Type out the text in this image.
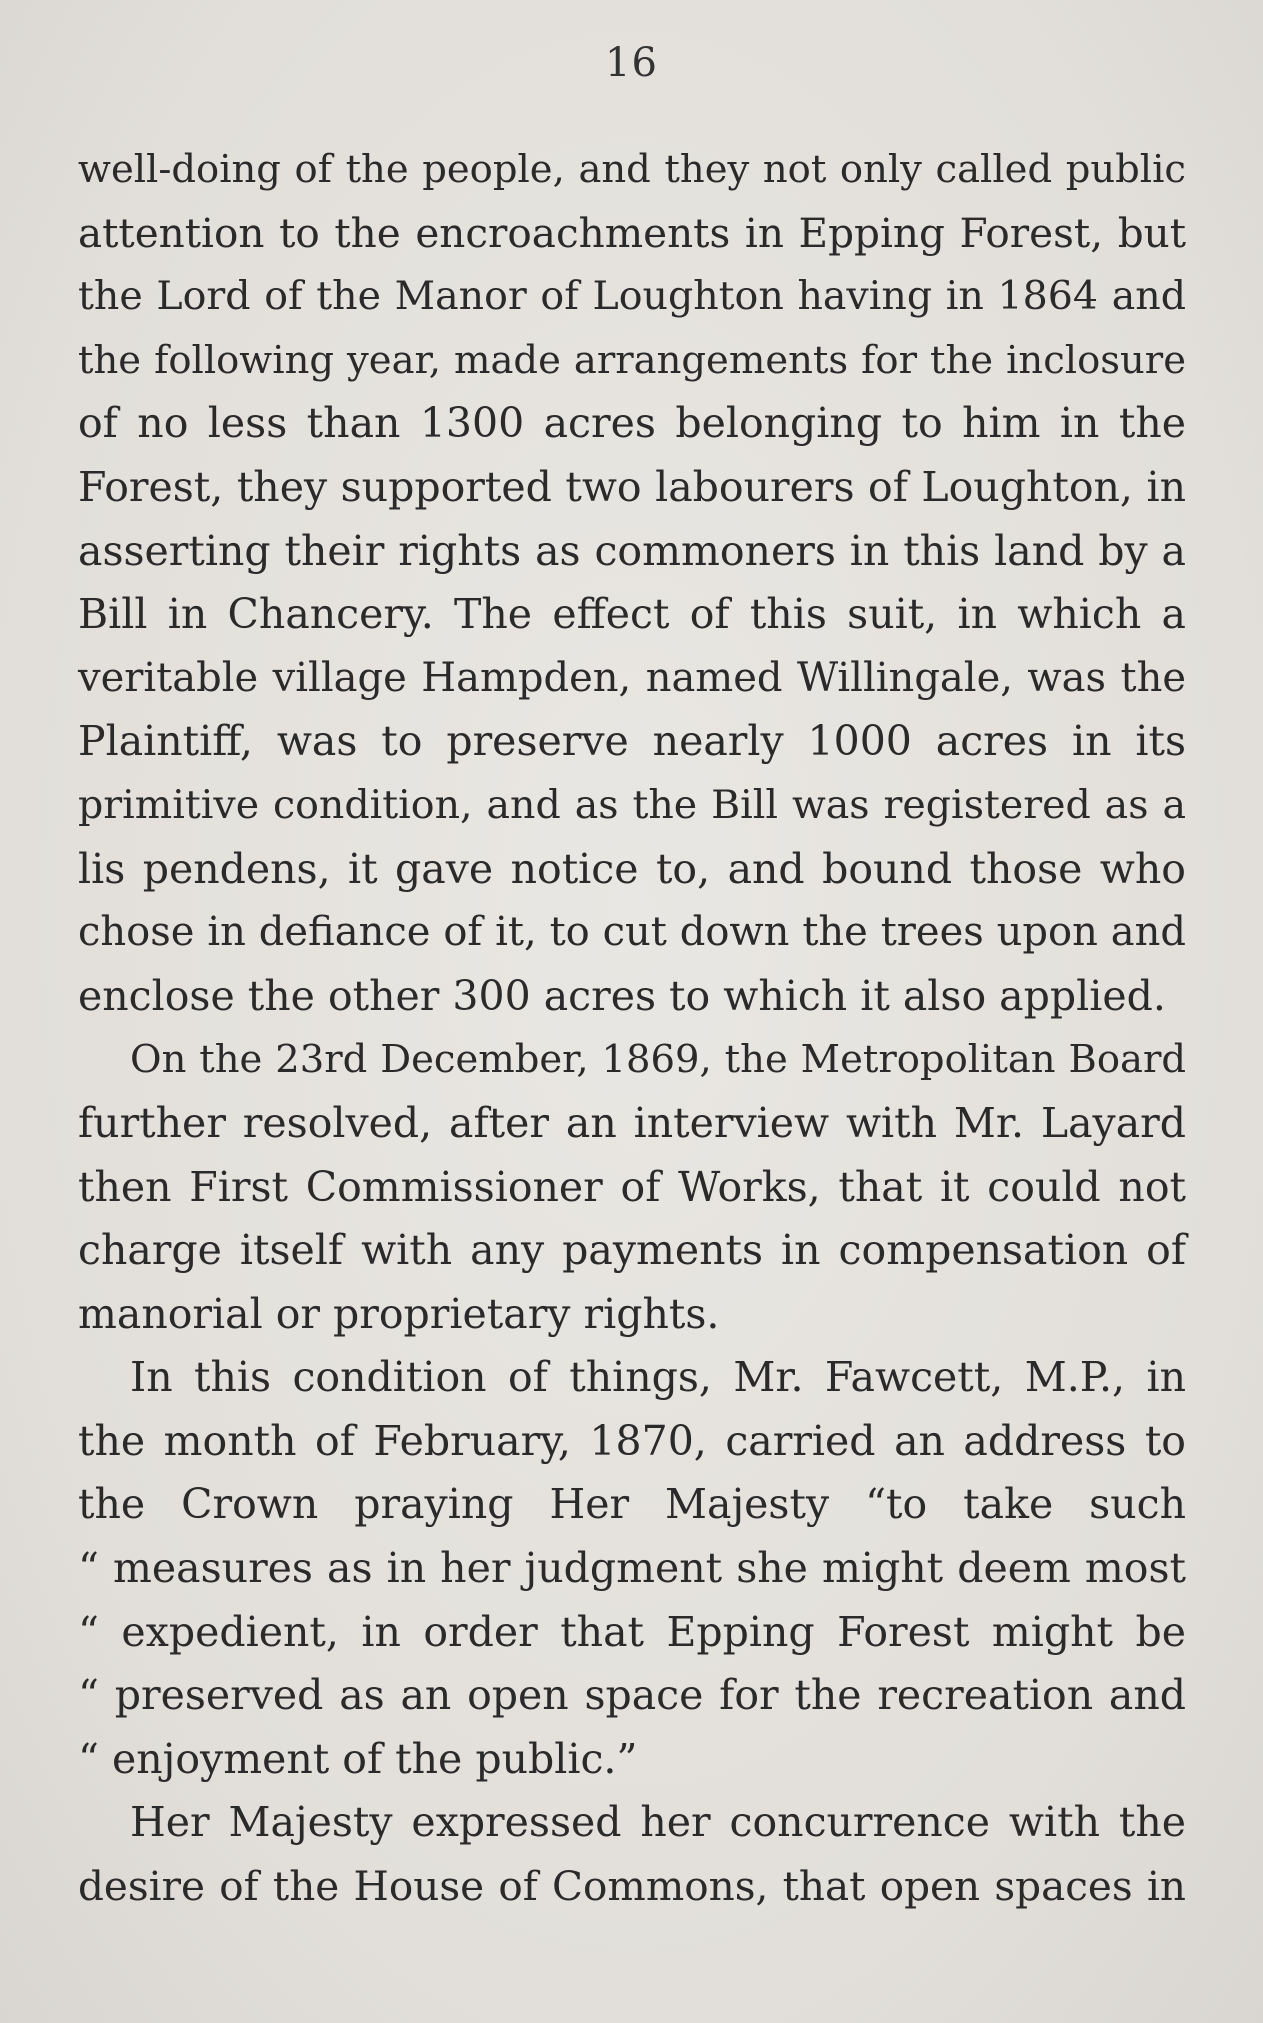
16
well-doing of the people, and they not only called public
attention to the encroachments in Epping Forest, but
the Lord of the Manor of Loughton having in 1864 and
the following year, made arrangements for the inclosure
of no less than 1300 acres belonging to him in the
Forest, they supported two labourers of Loughton, in
asserting their rights as commoners in this land by a
Bill in Chancery. The effect of this suit, in which a
veritable village Hampden, named Willingale, was the
Plaintiff, was to preserve nearly 1000 acres in its
primitive condition, and as the Bill was registered as a
lis pendens, it gave notice to, and bound those who
chose in defiance of it, to cut down the trees upon and
enclose the other 300 acres to which it also applied.
On the 23rd December, 1869, the Metropolitan Board
further resolved, after an interview with Mr. Layard
then First Commissioner of Works, that it could not
charge itself with any payments in compensation of
manorial or proprietary rights.
In this condition of things, Mr. Fawcett, M.P., in
the month of February, 1870, carried an address to
the Crown praying Her Majesty “to take such
“ measures as in her judgment she might deem most
“ expedient, in order that Epping Forest might be
“ preserved as an open space for the recreation and
“ enjoyment of the public.”
Her Majesty expressed her concurrence with the
desire of the House of Commons, that open spaces in
